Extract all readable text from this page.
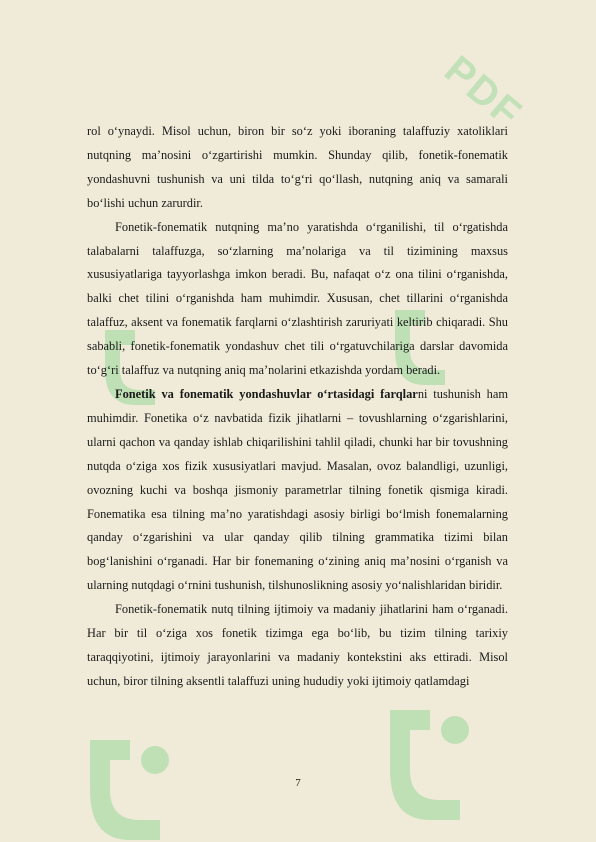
PDF

rol o‘ynaydi. Misol uchun, biron bir so‘z yoki iboraning talaffuziy xatoliklari nutqning ma’nosini o‘zgartirishi mumkin. Shunday qilib, fonetik-fonematik yondashuvni tushunish va uni tilda to‘g‘ri qo‘llash, nutqning aniq va samarali bo‘lishi uchun zarurdir.

Fonetik-fonematik nutqning ma’no yaratishda o‘rganilishi, til o‘rgatishda talabalarni talaffuzga, so‘zlarning ma’nolariga va til tizimining maxsus xususiyatlariga tayyorlashga imkon beradi. Bu, nafaqat o‘z ona tilini o‘rganishda, balki chet tilini o‘rganishda ham muhimdir. Xususan, chet tillarini o‘rganishda talaffuz, aksent va fonematik farqlarni o‘zlashtirish zaruriyati keltirib chiqaradi. Shu sababli, fonetik-fonematik yondashuv chet tili o‘rgatuvchilariga darslar davomida to‘g‘ri talaffuz va nutqning aniq ma’nolarini etkazishda yordam beradi.

Fonetik va fonematik yondashuvlar o‘rtasidagi farqlarni tushunish ham muhimdir. Fonetika o‘z navbatida fizik jihatlarni – tovushlarning o‘zgarishlarini, ularni qachon va qanday ishlab chiqarilishini tahlil qiladi, chunki har bir tovushning nutqda o‘ziga xos fizik xususiyatlari mavjud. Masalan, ovoz balandligi, uzunligi, ovozning kuchi va boshqa jismoniy parametrlar tilning fonetik qismiga kiradi. Fonematika esa tilning ma’no yaratishdagi asosiy birligi bo‘lmish fonemalarning qanday o‘zgarishini va ular qanday qilib tilning grammatika tizimi bilan bog‘lanishini o‘rganadi. Har bir fonemaning o‘zining aniq ma’nosini o‘rganish va ularning nutqdagi o‘rnini tushunish, tilshunoslikning asosiy yo‘nalishlaridan biridir.

Fonetik-fonematik nutq tilning ijtimoiy va madaniy jihatlarini ham o‘rganadi. Har bir til o‘ziga xos fonetik tizimga ega bo‘lib, bu tizim tilning tarixiy taraqqiyotini, ijtimoiy jarayonlarini va madaniy kontekstini aks ettiradi. Misol uchun, biror tilning aksentli talaffuzi uning hududiy yoki ijtimoiy qatlamdagi

7
